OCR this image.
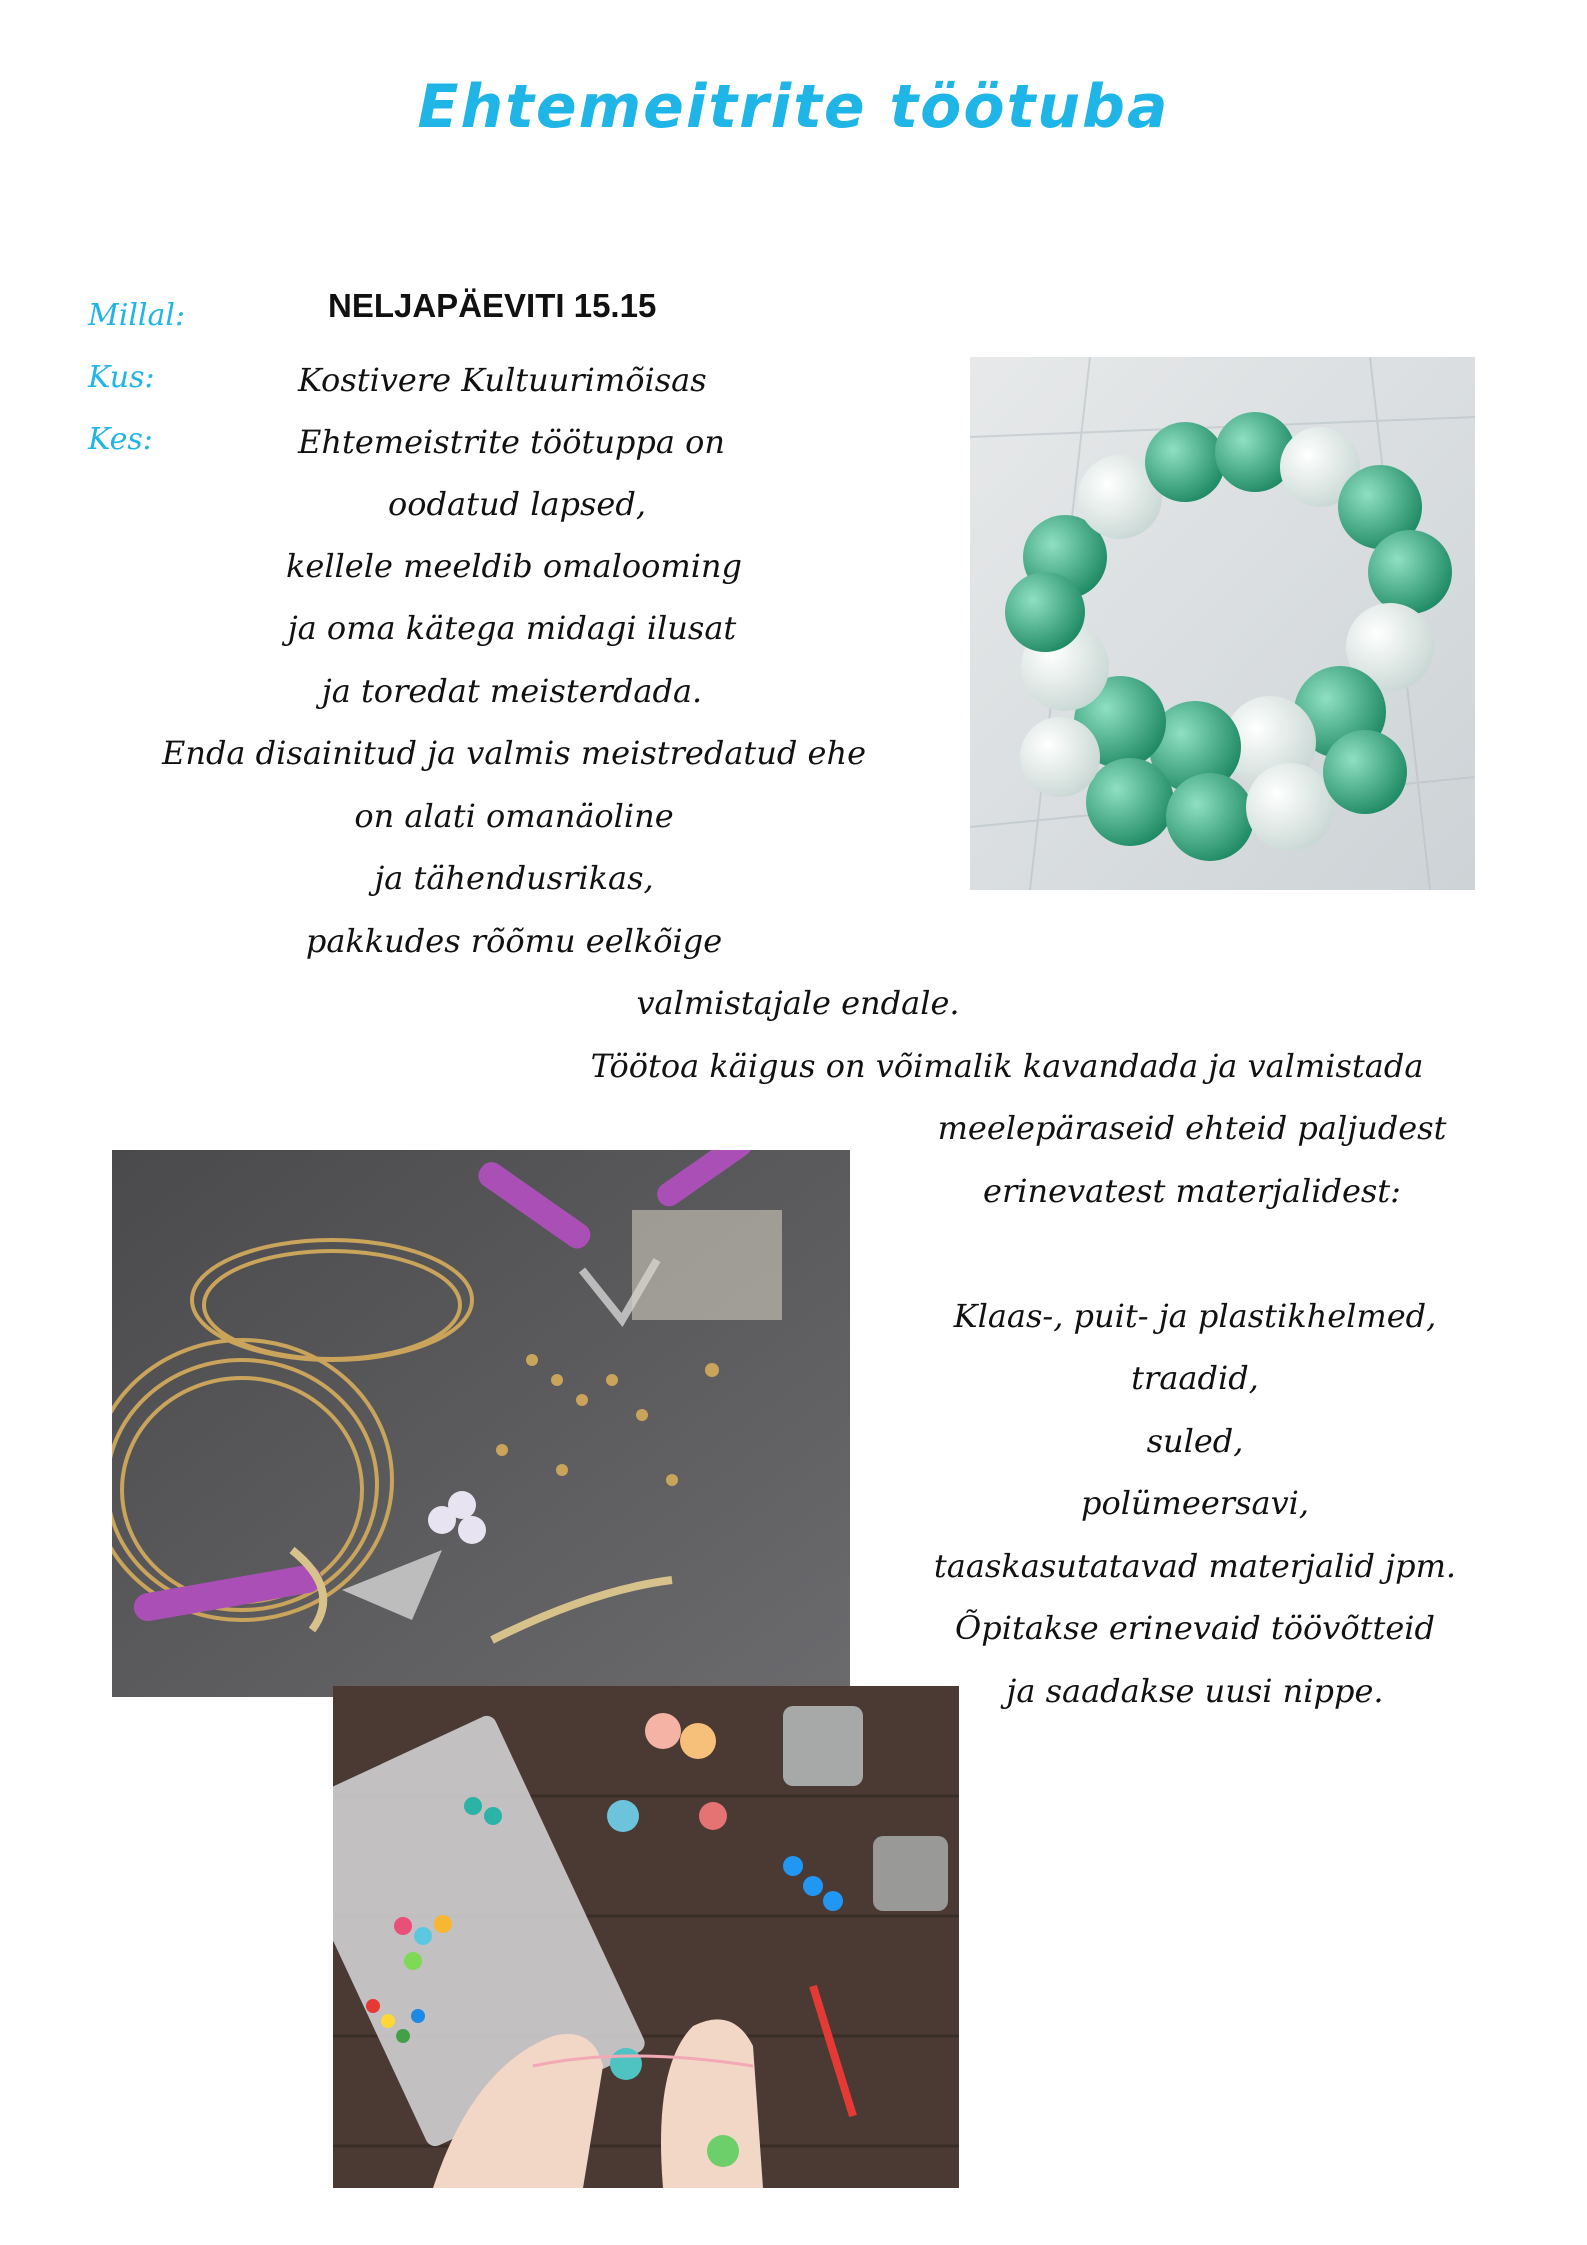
Ehtemeitrite töötuba
Millal:	NELJAPÄEVITI 15.15
Kus:	Kostivere Kultuurimõisas
Kes:	Ehtemeistrite töötuppa on
oodatud lapsed,
kellele meeldib omalooming
ja oma kätega midagi ilusat
ja toredat meisterdada.
Enda disainitud ja valmis meistredatud ehe
on alati omanäoline
ja tähendusrikas,
pakkudes rõõmu eelkõige
valmistajale endale.
Töötoa käigus on võimalik kavandada ja valmistada
meelepäraseid ehteid paljudest
erinevatest materjalidest:
Klaas-, puit- ja plastikhelmed,
traadid,
suled,
polümeersavi,
taaskasutatavad materjalid jpm.
Õpitakse erinevaid töövõtteid
ja saadakse uusi nippe.
